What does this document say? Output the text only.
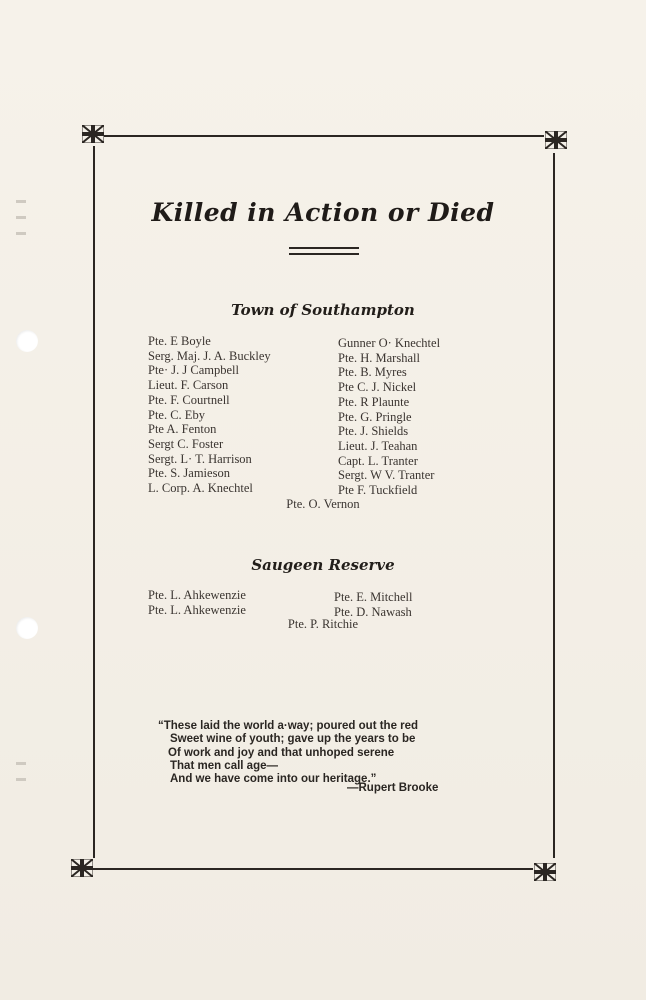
Killed in Action or Died
Town of Southampton
Pte. E Boyle
Serg. Maj. J. A. Buckley
Pte· J. J Campbell
Lieut. F. Carson
Pte. F. Courtnell
Pte. C. Eby
Pte A. Fenton
Sergt C. Foster
Sergt. L· T. Harrison
Pte. S. Jamieson
L. Corp. A. Knechtel
Gunner O· Knechtel
Pte. H. Marshall
Pte. B. Myres
Pte C. J. Nickel
Pte. R Plaunte
Pte. G. Pringle
Pte. J. Shields
Lieut. J. Teahan
Capt. L. Tranter
Sergt. W V. Tranter
Pte F. Tuckfield
Pte. O. Vernon
Saugeen Reserve
Pte. L. Ahkewenzie
Pte. L. Ahkewenzie
Pte. E. Mitchell
Pte. D. Nawash
Pte. P. Ritchie
“These laid the world a·way; poured out the red
Sweet wine of youth; gave up the years to be
Of work and joy and that unhoped serene
That men call age—
And we have come into our heritage.”
—Rupert Brooke
